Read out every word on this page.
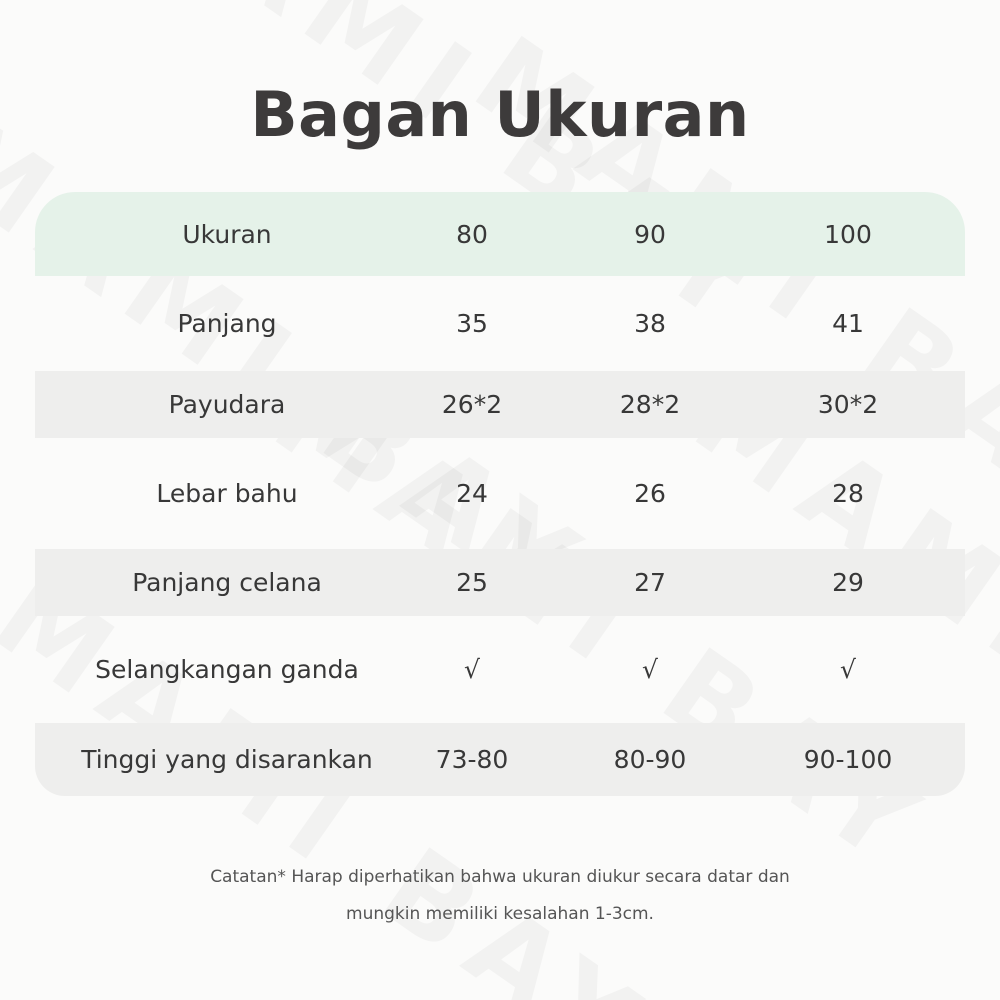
Bagan Ukuran
Ukuran	80	90	100
Panjang	35	38	41
Payudara	26*2	28*2	30*2
Lebar bahu	24	26	28
Panjang celana	25	27	29
Selangkangan ganda	√	√	√
Tinggi yang disarankan	73-80	80-90	90-100
Catatan* Harap diperhatikan bahwa ukuran diukur secara datar dan
mungkin memiliki kesalahan 1-3cm.
